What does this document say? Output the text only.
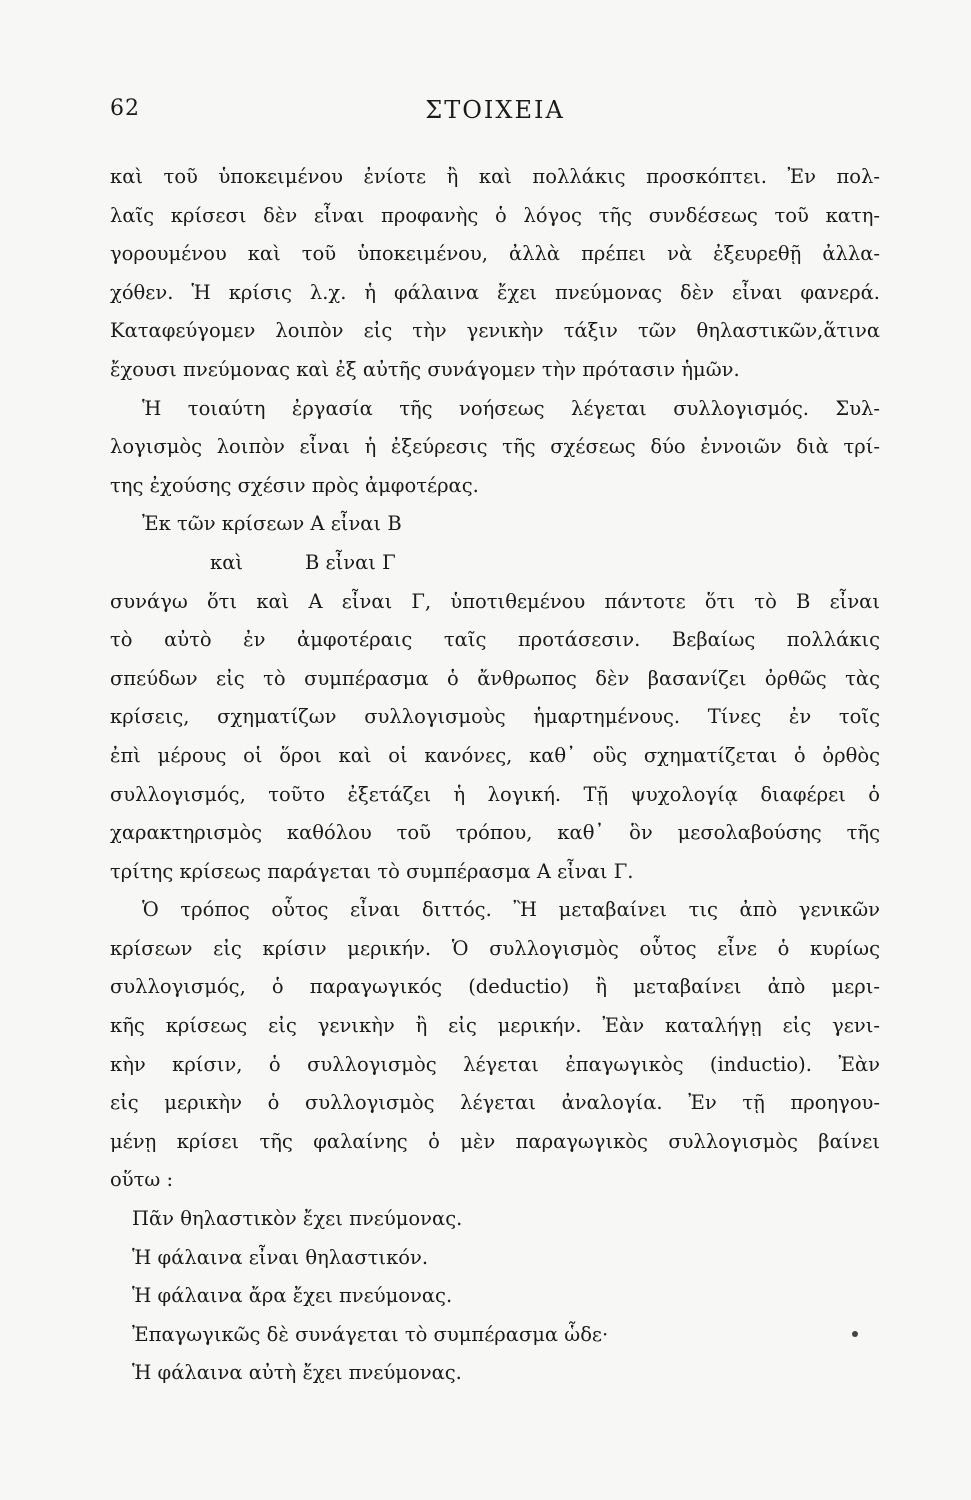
62	ΣΤΟΙΧΕΙΑ
καὶ τοῦ ὑποκειμένου ἐνίοτε ἢ καὶ πολλάκις προσκόπτει. Ἐν πολ-
λαῖς κρίσεσι δὲν εἶναι προφανὴς ὁ λόγος τῆς συνδέσεως τοῦ κατη-
γορουμένου καὶ τοῦ ὑποκειμένου, ἀλλὰ πρέπει νὰ ἐξευρεθῇ ἀλλα-
χόθεν. Ἡ κρίσις λ.χ. ἡ φάλαινα ἔχει πνεύμονας δὲν εἶναι φανερά.
Καταφεύγομεν λοιπὸν εἰς τὴν γενικὴν τάξιν τῶν θηλαστικῶν,ἅτινα
ἔχουσι πνεύμονας καὶ ἐξ αὐτῆς συνάγομεν τὴν πρότασιν ἡμῶν.
Ἡ τοιαύτη ἐργασία τῆς νοήσεως λέγεται συλλογισμός. Συλ-
λογισμὸς λοιπὸν εἶναι ἡ ἐξεύρεσις τῆς σχέσεως δύο ἐννοιῶν διὰ τρί-
της ἐχούσης σχέσιν πρὸς ἀμφοτέρας.
Ἐκ τῶν κρίσεων Α εἶναι Β
καὶ          Β εἶναι Γ
συνάγω ὅτι καὶ Α εἶναι Γ, ὑποτιθεμένου πάντοτε ὅτι τὸ Β εἶναι
τὸ αὐτὸ ἐν ἀμφοτέραις ταῖς προτάσεσιν. Βεβαίως πολλάκις
σπεύδων εἰς τὸ συμπέρασμα ὁ ἄνθρωπος δὲν βασανίζει ὀρθῶς τὰς
κρίσεις, σχηματίζων συλλογισμοὺς ἡμαρτημένους. Τίνες ἐν τοῖς
ἐπὶ μέρους οἱ ὅροι καὶ οἱ κανόνες, καθ᾽ οὓς σχηματίζεται ὁ ὀρθὸς
συλλογισμός, τοῦτο ἐξετάζει ἡ λογική. Τῇ ψυχολογίᾳ διαφέρει ὁ
χαρακτηρισμὸς καθόλου τοῦ τρόπου, καθ᾽ ὃν μεσολαβούσης τῆς
τρίτης κρίσεως παράγεται τὸ συμπέρασμα Α εἶναι Γ.
Ὁ τρόπος οὗτος εἶναι διττός. Ἢ μεταβαίνει τις ἀπὸ γενικῶν
κρίσεων εἰς κρίσιν μερικήν. Ὁ συλλογισμὸς οὗτος εἶνε ὁ κυρίως
συλλογισμός, ὁ παραγωγικός (deductio) ἢ μεταβαίνει ἀπὸ μερι-
κῆς κρίσεως εἰς γενικὴν ἢ εἰς μερικήν. Ἐὰν καταλήγῃ εἰς γενι-
κὴν κρίσιν, ὁ συλλογισμὸς λέγεται ἐπαγωγικὸς (inductio). Ἐὰν
εἰς μερικὴν ὁ συλλογισμὸς λέγεται ἀναλογία. Ἐν τῇ προηγου-
μένῃ κρίσει τῆς φαλαίνης ὁ μὲν παραγωγικὸς συλλογισμὸς βαίνει
οὕτω :
Πᾶν θηλαστικὸν ἔχει πνεύμονας.
Ἡ φάλαινα εἶναι θηλαστικόν.
Ἡ φάλαινα ἄρα ἔχει πνεύμονας.
Ἐπαγωγικῶς δὲ συνάγεται τὸ συμπέρασμα ὧδε·
Ἡ φάλαινα αὐτὴ ἔχει πνεύμονας.
